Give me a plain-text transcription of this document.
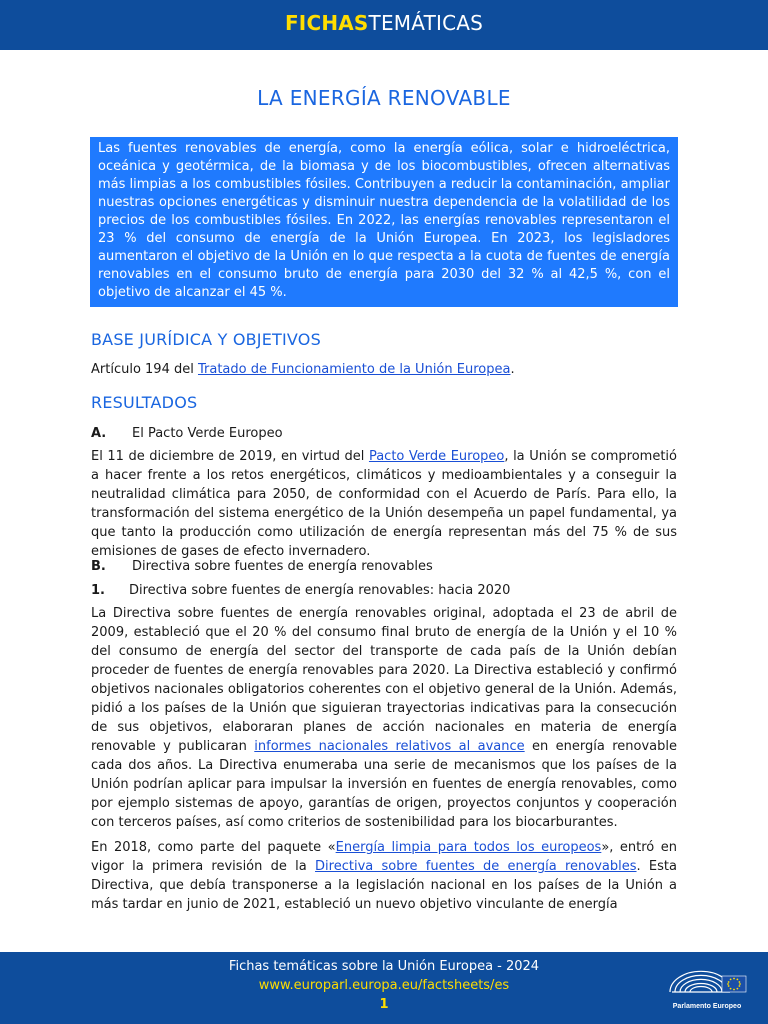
FICHASTEMÁTICAS
LA ENERGÍA RENOVABLE
Las fuentes renovables de energía, como la energía eólica, solar e hidroeléctrica, oceánica y geotérmica, de la biomasa y de los biocombustibles, ofrecen alternativas más limpias a los combustibles fósiles. Contribuyen a reducir la contaminación, ampliar nuestras opciones energéticas y disminuir nuestra dependencia de la volatilidad de los precios de los combustibles fósiles. En 2022, las energías renovables representaron el 23 % del consumo de energía de la Unión Europea. En 2023, los legisladores aumentaron el objetivo de la Unión en lo que respecta a la cuota de fuentes de energía renovables en el consumo bruto de energía para 2030 del 32 % al 42,5 %, con el objetivo de alcanzar el 45 %.
BASE JURÍDICA Y OBJETIVOS
Artículo 194 del Tratado de Funcionamiento de la Unión Europea.
RESULTADOS
A. El Pacto Verde Europeo

El 11 de diciembre de 2019, en virtud del Pacto Verde Europeo, la Unión se comprometió a hacer frente a los retos energéticos, climáticos y medioambientales y a conseguir la neutralidad climática para 2050, de conformidad con el Acuerdo de París. Para ello, la transformación del sistema energético de la Unión desempeña un papel fundamental, ya que tanto la producción como utilización de energía representan más del 75 % de sus emisiones de gases de efecto invernadero.

B. Directiva sobre fuentes de energía renovables
1. Directiva sobre fuentes de energía renovables: hacia 2020

La Directiva sobre fuentes de energía renovables original, adoptada el 23 de abril de 2009, estableció que el 20 % del consumo final bruto de energía de la Unión y el 10 % del consumo de energía del sector del transporte de cada país de la Unión debían proceder de fuentes de energía renovables para 2020. La Directiva estableció y confirmó objetivos nacionales obligatorios coherentes con el objetivo general de la Unión. Además, pidió a los países de la Unión que siguieran trayectorias indicativas para la consecución de sus objetivos, elaboraran planes de acción nacionales en materia de energía renovable y publicaran informes nacionales relativos al avance en energía renovable cada dos años. La Directiva enumeraba una serie de mecanismos que los países de la Unión podrían aplicar para impulsar la inversión en fuentes de energía renovables, como por ejemplo sistemas de apoyo, garantías de origen, proyectos conjuntos y cooperación con terceros países, así como criterios de sostenibilidad para los biocarburantes.

En 2018, como parte del paquete «Energía limpia para todos los europeos», entró en vigor la primera revisión de la Directiva sobre fuentes de energía renovables. Esta Directiva, que debía transponerse a la legislación nacional en los países de la Unión a más tardar en junio de 2021, estableció un nuevo objetivo vinculante de energía

Fichas temáticas sobre la Unión Europea - 2024
www.europarl.europa.eu/factsheets/es
1	Parlamento Europeo
